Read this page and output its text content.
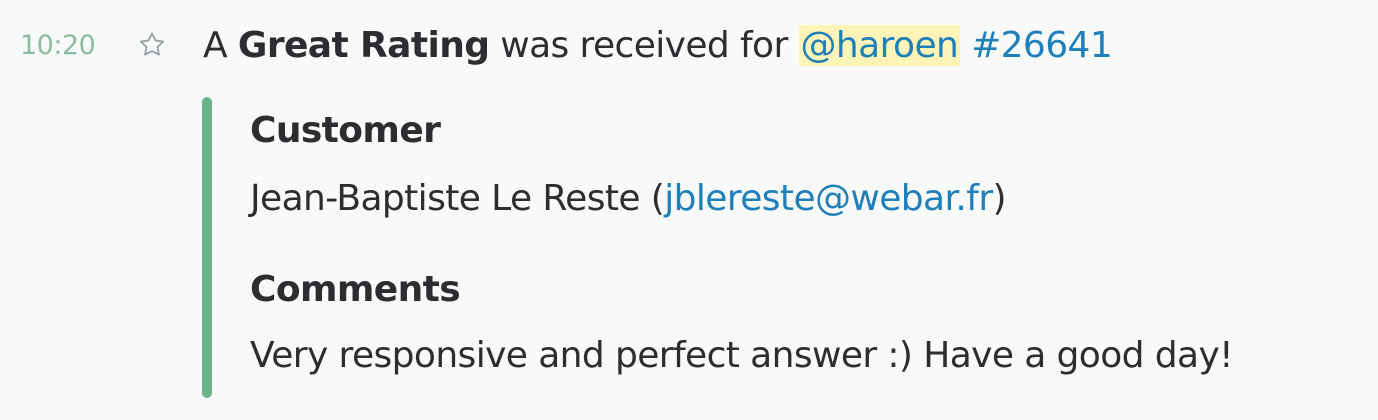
10:20	A Great Rating was received for @haroen #26641
Customer
Jean-Baptiste Le Reste (jblereste@webar.fr)
Comments
Very responsive and perfect answer :) Have a good day!
